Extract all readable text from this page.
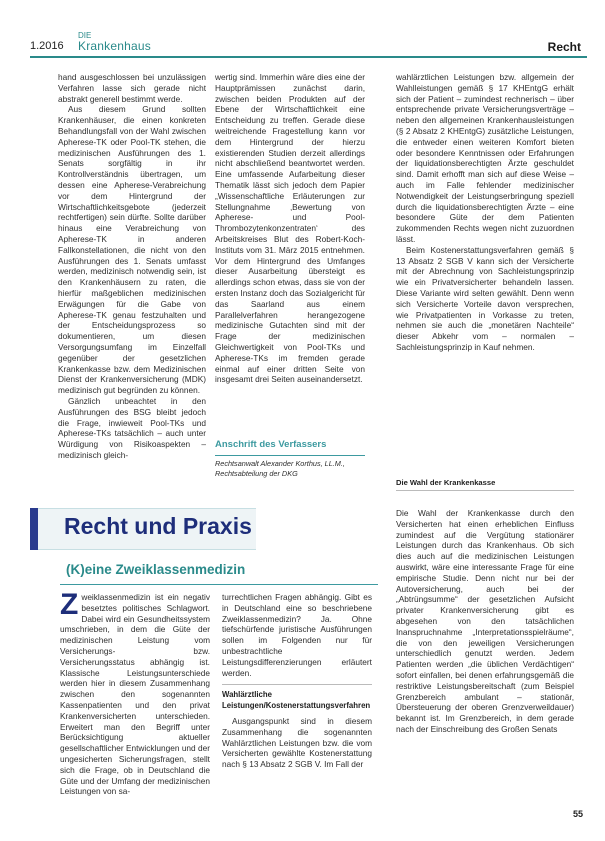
1.2016
DIE
Krankenhaus	Recht

hand ausgeschlossen bei unzulässigen Verfahren lasse sich gerade nicht abstrakt generell bestimmt werde.

Aus diesem Grund sollten Krankenhäuser, die einen konkreten Behandlungsfall von der Wahl zwischen Apherese-TK oder Pool-TK stehen, die medizinischen Ausführungen des 1. Senats sorgfältig in ihr Kontrollverständnis übertragen, um dessen eine Apherese-Verabreichung vor dem Hintergrund der Wirtschaftlichkeitsgebote (jederzeit rechtfertigen) sein dürfte. Sollte darüber hinaus eine Verabreichung von Apherese-TK in anderen Fallkonstellationen, die nicht von den Ausführungen des 1. Senats umfasst werden, medizinisch notwendig sein, ist den Krankenhäusern zu raten, die hierfür maßgeblichen medizinischen Erwägungen für die Gabe von Apherese-TK genau festzuhalten und der Entscheidungsprozess so dokumentieren, um diesen Versorgungsumfang im Einzelfall gegenüber der gesetzlichen Krankenkasse bzw. dem Medizinischen Dienst der Krankenversicherung (MDK) medizinisch gut begründen zu können.

Gänzlich unbeachtet in den Ausführungen des BSG bleibt jedoch die Frage, inwieweit Pool-TKs und Apherese-TKs tatsächlich – auch unter Würdigung von Risikoaspekten – medizinisch gleich-

wertig sind. Immerhin wäre dies eine der Hauptprämissen zunächst darin, zwischen beiden Produkten auf der Ebene der Wirtschaftlichkeit eine Entscheidung zu treffen. Gerade diese weitreichende Fragestellung kann vor dem Hintergrund der hierzu existierenden Studien derzeit allerdings nicht abschließend beantwortet werden. Eine umfassende Aufarbeitung dieser Thematik lässt sich jedoch dem Papier „Wissenschaftliche Erläuterungen zur Stellungnahme ‚Bewertung von Apherese- und Pool-Thrombozytenkonzentraten‘ des Arbeitskreises Blut des Robert-Koch-Instituts vom 31. März 2015 entnehmen. Vor dem Hintergrund des Umfanges dieser Ausarbeitung übersteigt es allerdings schon etwas, dass sie von der ersten Instanz doch das Sozialgericht für das Saarland aus einem Parallelverfahren herangezogene medizinische Gutachten sind mit der Frage der medizinischen Gleichwertigkeit von Pool-TKs und Apherese-TKs im fremden gerade einmal auf einer dritten Seite von insgesamt drei Seiten auseinandersetzt.

Anschrift des Verfassers
Rechtsanwalt Alexander Korthus, LL.M., Rechtsabteilung der DKG

wahlärztlichen Leistungen bzw. allgemein der Wahlleistungen gemäß § 17 KHEntgG erhält sich der Patient – zumindest rechnerisch – über entsprechende private Versicherungsverträge – neben den allgemeinen Krankenhausleistungen (§ 2 Absatz 2 KHEntgG) zusätzliche Leistungen, die entweder einen weiteren Komfort bieten oder besondere Kenntnissen oder Erfahrungen der liquidationsberechtigten Ärzte geschuldet sind. Damit erhofft man sich auf diese Weise – auch im Falle fehlender medizinischer Notwendigkeit der Leistungserbringung speziell durch die liquidationsberechtigten Ärzte – eine besondere Güte der dem Patienten zukommenden Rechts wegen nicht zuzuordnen lässt.

Beim Kostenerstattungsverfahren gemäß § 13 Absatz 2 SGB V kann sich der Versicherte mit der Abrechnung von Sachleistungsprinzip wie ein Privatversicherter behandeln lassen. Diese Variante wird selten gewählt. Denn wenn sich Versicherte Vorteile davon versprechen, wie Privatpatienten in Vorkasse zu treten, nehmen sie auch die „monetären Nachteile“ dieser Abkehr vom – normalen – Sachleistungsprinzip in Kauf nehmen.

Die Wahl der Krankenkasse
Recht und Praxis
(K)eine Zweiklassenmedizin

Zweiklassenmedizin ist ein negativ besetztes politisches Schlagwort. Dabei wird ein Gesundheitssystem umschrieben, in dem die Güte der medizinischen Leistung vom Versicherungs- bzw. Versicherungsstatus abhängig ist. Klassische Leistungsunterschiede werden hier in diesem Zusammenhang zwischen den sogenannten Kassenpatienten und den privat Krankenversicherten unterschieden. Erweitert man den Begriff unter Berücksichtigung aktueller gesellschaftlicher Entwicklungen und der ungesicherten Sicherungsfragen, stellt sich die Frage, ob in Deutschland die Güte und der Umfang der medizinischen Leistungen von sa-

turrechtlichen Fragen abhängig. Gibt es in Deutschland eine so beschriebene Zweiklassenmedizin? Ja. Ohne tiefschürfende juristische Ausführungen sollen im Folgenden nur für unbestrachtliche Leistungsdifferenzierungen erläutert werden.

Wahlärztliche Leistungen/Kostenerstattungsverfahren

Ausgangspunkt sind in diesem Zusammenhang die sogenannten Wahlärztlichen Leistungen bzw. die vom Versicherten gewählte Kostenerstattung nach § 13 Absatz 2 SGB V. Im Fall der

Die Wahl der Krankenkasse durch den Versicherten hat einen erheblichen Einfluss zumindest auf die Vergütung stationärer Leistungen durch das Krankenhaus. Ob sich dies auch auf die medizinischen Leistungen auswirkt, wäre eine interessante Frage für eine empirische Studie. Denn nicht nur bei der Autoversicherung, auch bei der „Abtrüngsumme“ der gesetzlichen Aufsicht privater Krankenversicherung gibt es abgesehen von den tatsächlichen Inanspruchnahme „Interpretationsspielräume“, die von den jeweiligen Versicherungen unterschiedlich genutzt werden. Jedem Patienten werden „die üblichen Verdächtigen“ sofort einfallen, bei denen erfahrungsgemäß die restriktive Leistungsbereitschaft (zum Beispiel Grenzbereich ambulant – stationär, Übersteuerung der oberen Grenzverweildauer) bekannt ist. Im Grenzbereich, in dem gerade nach der Einschreibung des Großen Senats

55
